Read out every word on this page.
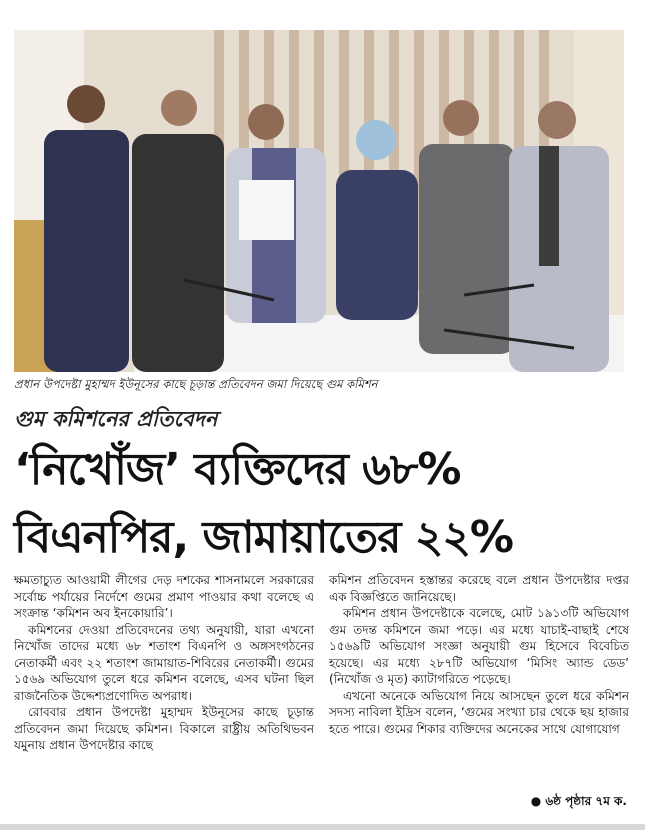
প্রধান উপদেষ্টা মুহাম্মদ ইউনূসের কাছে চূড়ান্ত প্রতিবেদন জমা দিয়েছে গুম কমিশন
গুম কমিশনের প্রতিবেদন
‘নিখোঁজ’ ব্যক্তিদের ৬৮%
বিএনপির, জামায়াতের ২২%

ক্ষমতাচ্যুত আওয়ামী লীগের দেড় দশকের শাসনামলে সরকারের সর্বোচ্চ পর্যায়ের নির্দেশে গুমের প্রমাণ পাওয়ার কথা বলেছে এ সংক্রান্ত ‘কমিশন অব ইনকোয়ারি’।

কমিশনের দেওয়া প্রতিবেদনের তথ্য অনুযায়ী, যারা এখনো নিখোঁজ তাদের মধ্যে ৬৮ শতাংশ বিএনপি ও অঙ্গসংগঠনের নেতাকর্মী এবং ২২ শতাংশ জামায়াত-শিবিরের নেতাকর্মী। গুমের ১৫৬৯ অভিযোগ তুলে ধরে কমিশন বলেছে, এসব ঘটনা ছিল রাজনৈতিক উদ্দেশ্যপ্রণোদিত অপরাধ।

রোববার প্রধান উপদেষ্টা মুহাম্মদ ইউনূসের কাছে চূড়ান্ত প্রতিবেদন জমা দিয়েছে কমিশন। বিকালে রাষ্ট্রীয় অতিথিভবন যমুনায় প্রধান উপদেষ্টার কাছে

কমিশন প্রতিবেদন হস্তান্তর করেছে বলে প্রধান উপদেষ্টার দপ্তর এক বিজ্ঞপ্তিতে জানিয়েছে।

কমিশন প্রধান উপদেষ্টাকে বলেছে, মোট ১৯১৩টি অভিযোগ গুম তদন্ত কমিশনে জমা পড়ে। এর মধ্যে যাচাই-বাছাই শেষে ১৫৬৯টি অভিযোগ সংজ্ঞা অনুযায়ী গুম হিসেবে বিবেচিত হয়েছে। এর মধ্যে ২৮৭টি অভিযোগ ‘মিসিং অ্যান্ড ডেড’ (নিখোঁজ ও মৃত) ক্যাটাগরিতে পড়েছে।

এখনো অনেকে অভিযোগ নিয়ে আসছেন তুলে ধরে কমিশন সদস্য নাবিলা ইদ্রিস বলেন, ‘গুমের সংখ্যা চার থেকে ছয় হাজার হতে পারে। গুমের শিকার ব্যক্তিদের অনেকের সাথে যোগাযোগ

● ৬ষ্ঠ পৃষ্ঠার ৭ম ক.
